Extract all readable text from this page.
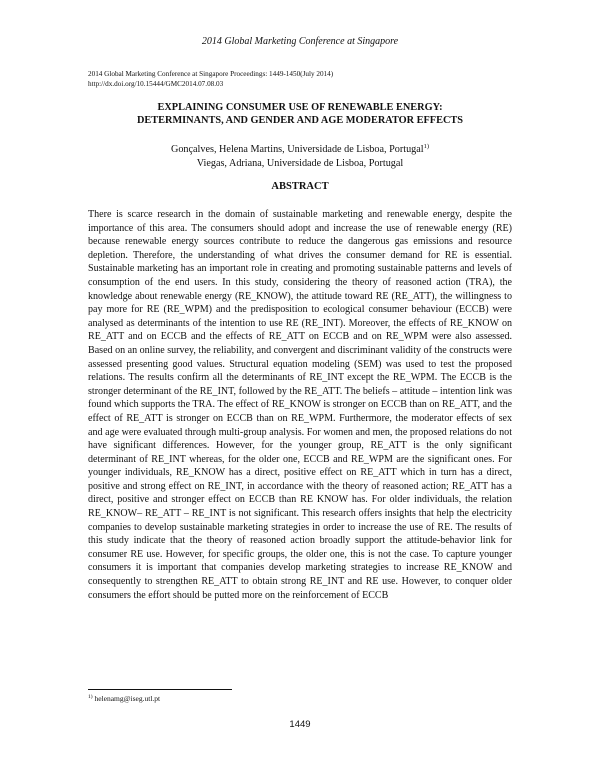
2014 Global Marketing Conference at Singapore
2014 Global Marketing Conference at Singapore Proceedings: 1449-1450(July 2014)
http://dx.doi.org/10.15444/GMC2014.07.08.03
EXPLAINING CONSUMER USE OF RENEWABLE ENERGY:
DETERMINANTS, AND GENDER AND AGE MODERATOR EFFECTS
Gonçalves, Helena Martins, Universidade de Lisboa, Portugal$^{1)}$
Viegas, Adriana, Universidade de Lisboa, Portugal
ABSTRACT
There is scarce research in the domain of sustainable marketing and renewable energy, despite the importance of this area. The consumers should adopt and increase the use of renewable energy (RE) because renewable energy sources contribute to reduce the dangerous gas emissions and resource depletion. Therefore, the understanding of what drives the consumer demand for RE is essential. Sustainable marketing has an important role in creating and promoting sustainable patterns and levels of consumption of the end users. In this study, considering the theory of reasoned action (TRA), the knowledge about renewable energy (RE_KNOW), the attitude toward RE (RE_ATT), the willingness to pay more for RE (RE_WPM) and the predisposition to ecological consumer behaviour (ECCB) were analysed as determinants of the intention to use RE (RE_INT). Moreover, the effects of RE_KNOW on RE_ATT and on ECCB and the effects of RE_ATT on ECCB and on RE_WPM were also assessed. Based on an online survey, the reliability, and convergent and discriminant validity of the constructs were assessed presenting good values. Structural equation modeling (SEM) was used to test the proposed relations. The results confirm all the determinants of RE_INT except the RE_WPM. The ECCB is the stronger determinant of the RE_INT, followed by the RE_ATT. The beliefs – attitude – intention link was found which supports the TRA. The effect of RE_KNOW is stronger on ECCB than on RE_ATT, and the effect of RE_ATT is stronger on ECCB than on RE_WPM. Furthermore, the moderator effects of sex and age were evaluated through multi-group analysis. For women and men, the proposed relations do not have significant differences. However, for the younger group, RE_ATT is the only significant determinant of RE_INT whereas, for the older one, ECCB and RE_WPM are the significant ones. For younger individuals, RE_KNOW has a direct, positive effect on RE_ATT which in turn has a direct, positive and strong effect on RE_INT, in accordance with the theory of reasoned action; RE_ATT has a direct, positive and stronger effect on ECCB than RE KNOW has. For older individuals, the relation RE_KNOW– RE_ATT – RE_INT is not significant. This research offers insights that help the electricity companies to develop sustainable marketing strategies in order to increase the use of RE. The results of this study indicate that the theory of reasoned action broadly support the attitude-behavior link for consumer RE use. However, for specific groups, the older one, this is not the case. To capture younger consumers it is important that companies develop marketing strategies to increase RE_KNOW and consequently to strengthen RE_ATT to obtain strong RE_INT and RE use. However, to conquer older consumers the effort should be putted more on the reinforcement of ECCB
$^{1)}$ helenamg@iseg.utl.pt
1449
